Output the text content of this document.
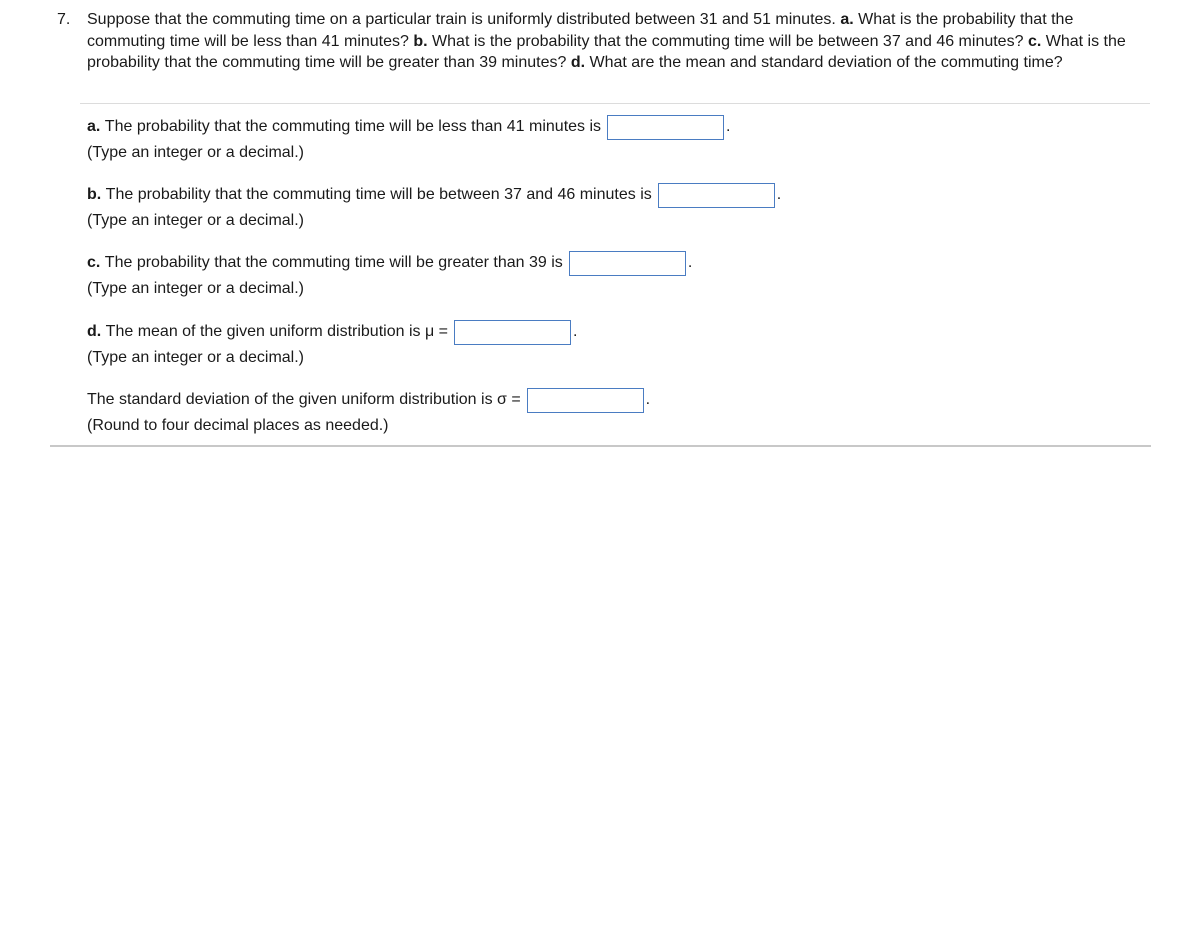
7. Suppose that the commuting time on a particular train is uniformly distributed between 31 and 51 minutes. a. What is the probability that the commuting time will be less than 41 minutes? b. What is the probability that the commuting time will be between 37 and 46 minutes? c. What is the probability that the commuting time will be greater than 39 minutes? d. What are the mean and standard deviation of the commuting time?
a.
The probability that the commuting time will be less than 41 minutes is	.
(Type an integer or a decimal.)
b.
The probability that the commuting time will be between 37 and 46 minutes is	.
(Type an integer or a decimal.)
c.
The probability that the commuting time will be greater than 39 is	.
(Type an integer or a decimal.)
d.
The mean of the given uniform distribution is μ =	.
(Type an integer or a decimal.)
The standard deviation of the given uniform distribution is σ =	.
(Round to four decimal places as needed.)
